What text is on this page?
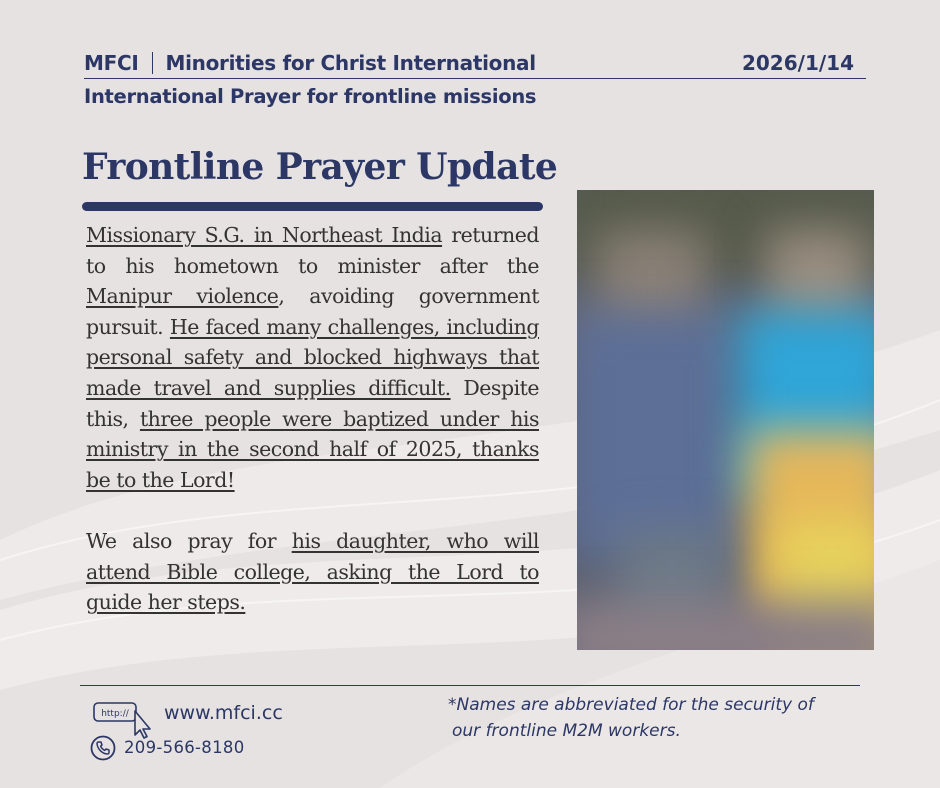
MFCI Minorities for Christ International	2026/1/14
International Prayer for frontline missions
Frontline Prayer Update

Missionary S.G. in Northeast India returned to his hometown to minister after the Manipur violence, avoiding government pursuit. He faced many challenges, including personal safety and blocked highways that made travel and supplies difficult. Despite this, three people were baptized under his ministry in the second half of 2025, thanks be to the Lord!

We also pray for his daughter, who will attend Bible college, asking the Lord to guide her steps.

http:// www.mfci.cc
209-566-8180
*Names are abbreviated for the security of
our frontline M2M workers.
